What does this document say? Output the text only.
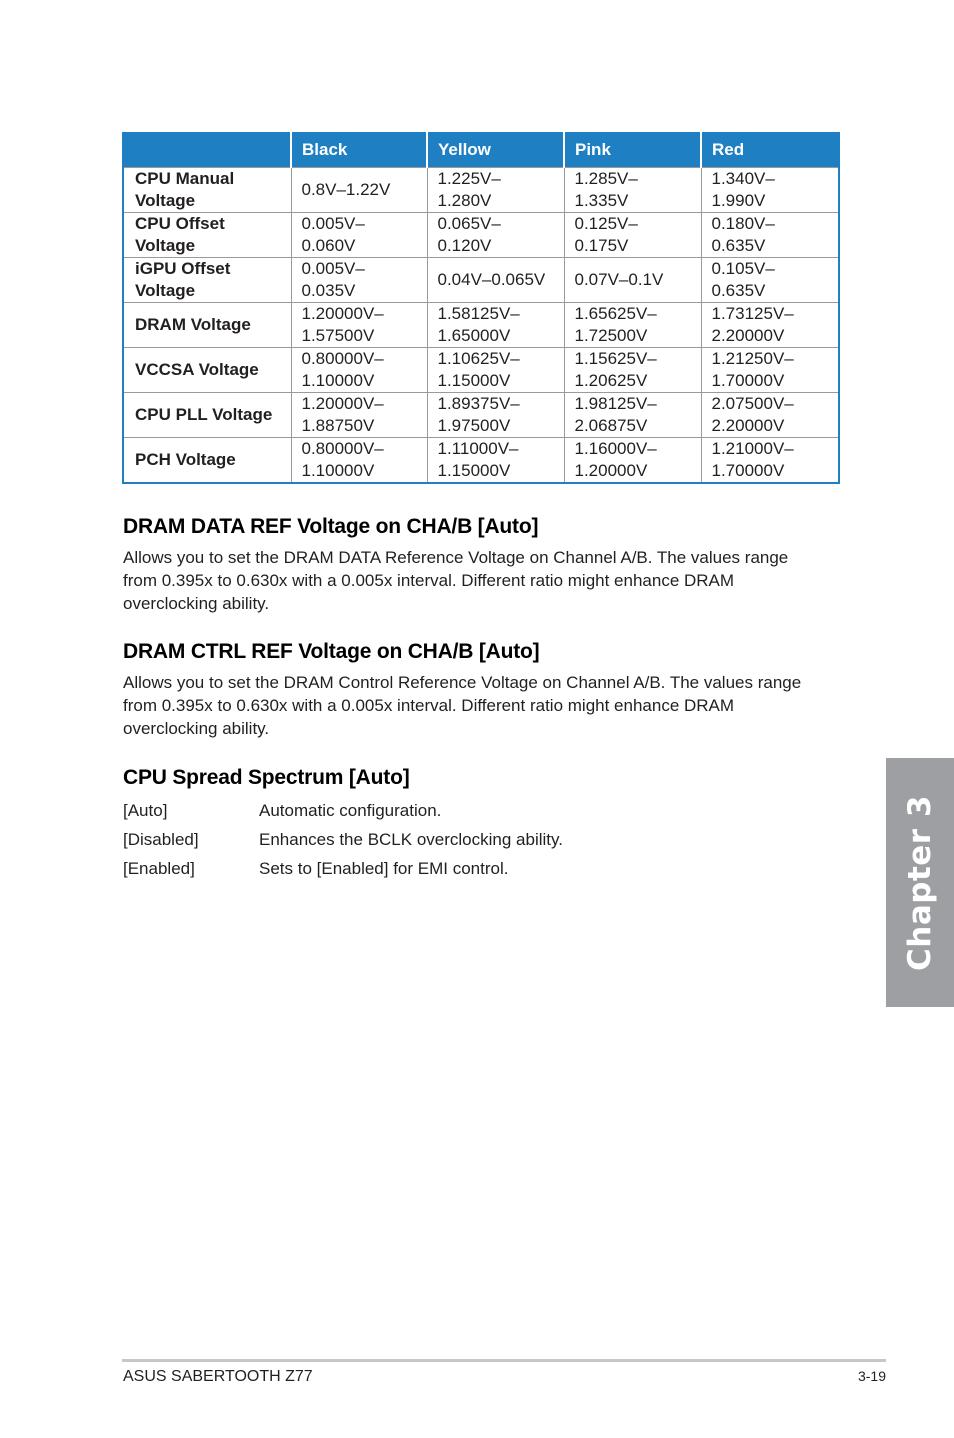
	Black	Yellow	Pink	Red
CPU Manual Voltage	0.8V–1.22V	1.225V– 1.280V	1.285V– 1.335V	1.340V– 1.990V
CPU Offset Voltage	0.005V– 0.060V	0.065V– 0.120V	0.125V– 0.175V	0.180V– 0.635V
iGPU Offset Voltage	0.005V– 0.035V	0.04V–0.065V	0.07V–0.1V	0.105V– 0.635V
DRAM Voltage	1.20000V– 1.57500V	1.58125V– 1.65000V	1.65625V– 1.72500V	1.73125V– 2.20000V
VCCSA Voltage	0.80000V– 1.10000V	1.10625V– 1.15000V	1.15625V– 1.20625V	1.21250V– 1.70000V
CPU PLL Voltage	1.20000V– 1.88750V	1.89375V– 1.97500V	1.98125V– 2.06875V	2.07500V– 2.20000V
PCH Voltage	0.80000V– 1.10000V	1.11000V– 1.15000V	1.16000V– 1.20000V	1.21000V– 1.70000V
DRAM DATA REF Voltage on CHA/B [Auto]

Allows you to set the DRAM DATA Reference Voltage on Channel A/B. The values range from 0.395x to 0.630x with a 0.005x interval. Different ratio might enhance DRAM overclocking ability.

DRAM CTRL REF Voltage on CHA/B [Auto]

Allows you to set the DRAM Control Reference Voltage on Channel A/B. The values range from 0.395x to 0.630x with a 0.005x interval. Different ratio might enhance DRAM overclocking ability.

CPU Spread Spectrum [Auto]
[Auto]	Automatic configuration.
[Disabled]	Enhances the BCLK overclocking ability.
[Enabled]	Sets to [Enabled] for EMI control.	Chapter 3
ASUS SABERTOOTH Z77	3-19
